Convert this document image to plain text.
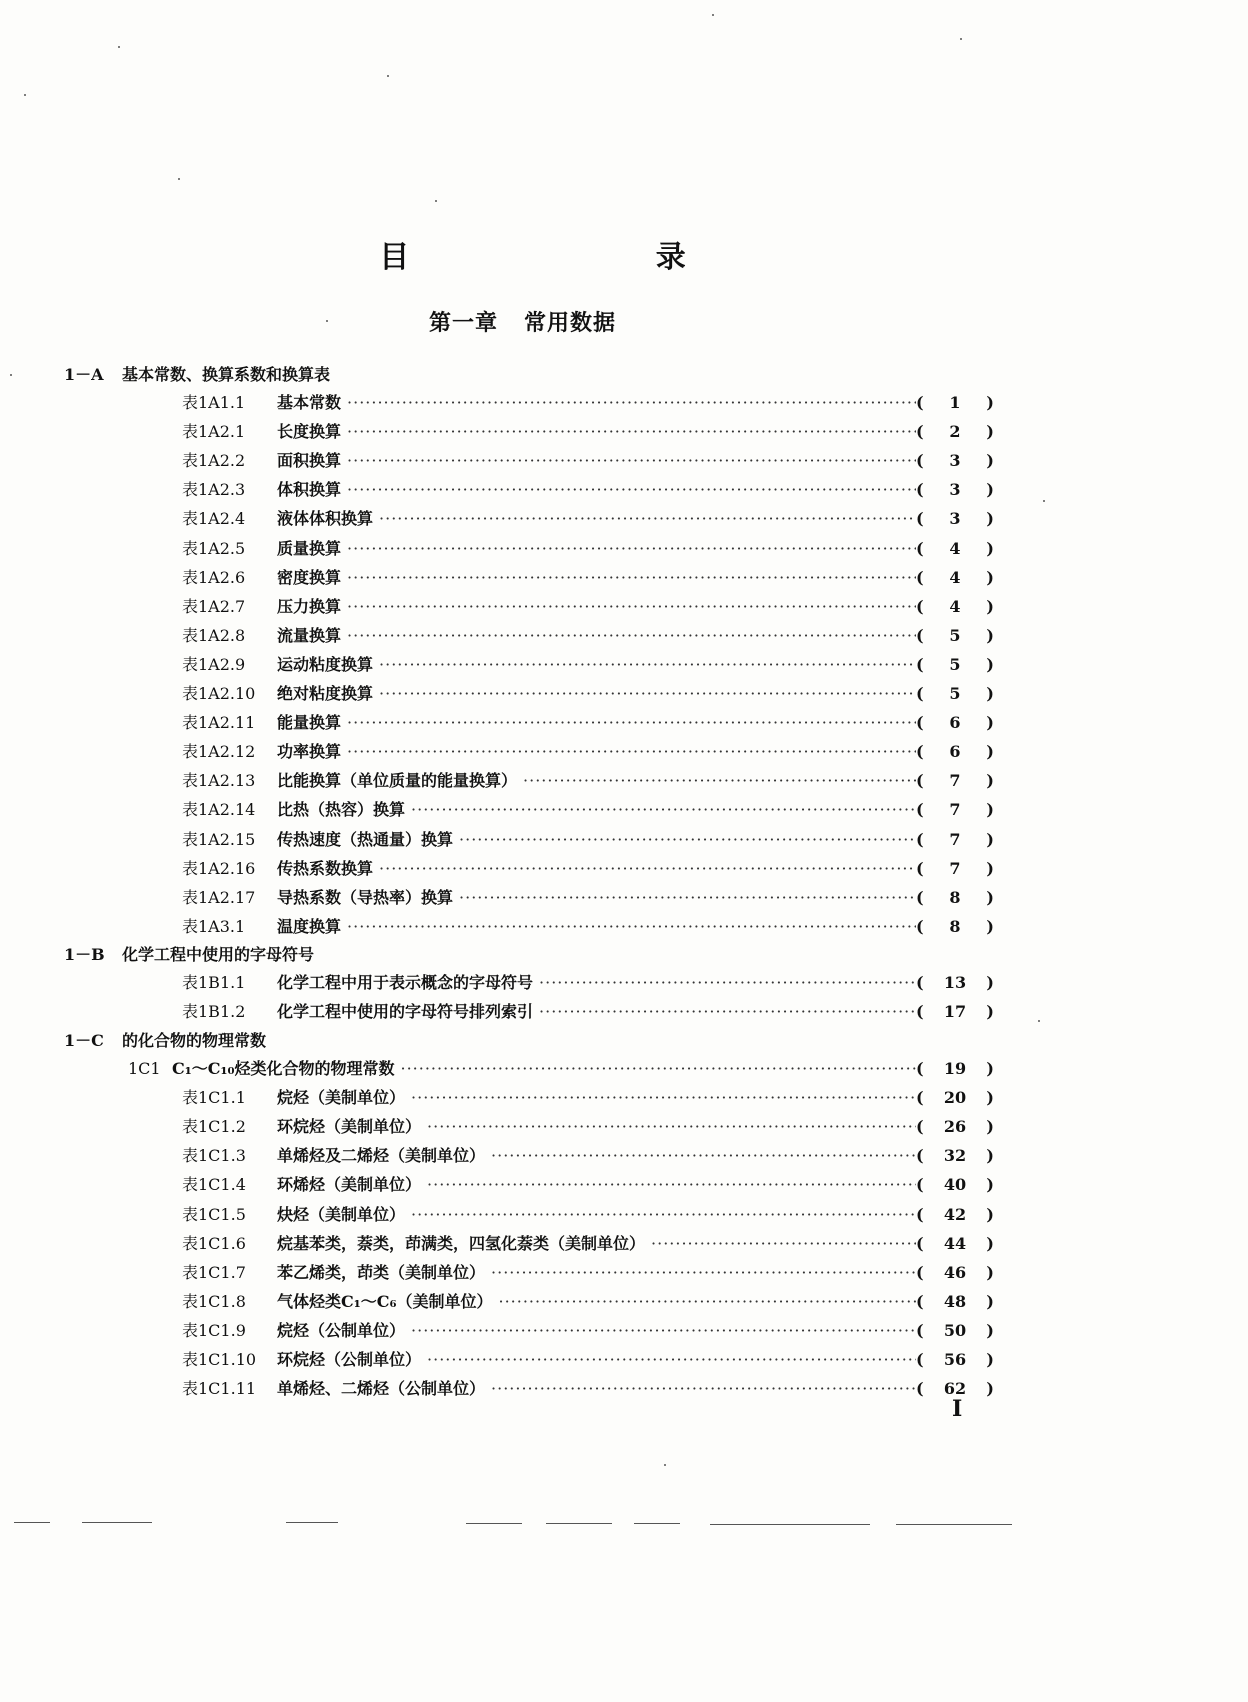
目 录
第一章 常用数据
1－A 基本常数、换算系数和换算表
表1A1.1	基本常数 ·····	(	1	)
表1A2.1	长度换算 ·····	(	2	)
表1A2.2	面积换算 ·····	(	3	)
表1A2.3	体积换算 ·····	(	3	)
表1A2.4	液体体积换算 ·····	(	3	)
表1A2.5	质量换算 ·····	(	4	)
表1A2.6	密度换算 ·····	(	4	)
表1A2.7	压力换算 ·····	(	4	)
表1A2.8	流量换算 ·····	(	5	)
表1A2.9	运动粘度换算 ·····	(	5	)
表1A2.10	绝对粘度换算 ·····	(	5	)
表1A2.11	能量换算 ·····	(	6	)
表1A2.12	功率换算 ·····	(	6	)
表1A2.13	比能换算（单位质量的能量换算） ·····	(	7	)
表1A2.14	比热（热容）换算 ·····	(	7	)
表1A2.15	传热速度（热通量）换算 ·····	(	7	)
表1A2.16	传热系数换算 ·····	(	7	)
表1A2.17	导热系数（导热率）换算 ·····	(	8	)
表1A3.1	温度换算 ·····	(	8	)
1－B 化学工程中使用的字母符号
表1B1.1	化学工程中用于表示概念的字母符号 ·····	(	13	)
表1B1.2	化学工程中使用的字母符号排列索引 ·····	(	17	)
1－C 的化合物的物理常数
1C1 C₁～C₁₀烃类化合物的物理常数 ·····	(	19	)
表1C1.1	烷烃（美制单位） ·····	(	20	)
表1C1.2	环烷烃（美制单位） ·····	(	26	)
表1C1.3	单烯烃及二烯烃（美制单位） ·····	(	32	)
表1C1.4	环烯烃（美制单位） ·····	(	40	)
表1C1.5	炔烃（美制单位） ·····	(	42	)
表1C1.6	烷基苯类，萘类，茚满类，四氢化萘类（美制单位） ·····	(	44	)
表1C1.7	苯乙烯类，茚类（美制单位） ·····	(	46	)
表1C1.8	气体烃类C₁～C₆（美制单位） ·····	(	48	)
表1C1.9	烷烃（公制单位） ·····	(	50	)
表1C1.10	环烷烃（公制单位） ·····	(	56	)
表1C1.11	单烯烃、二烯烃（公制单位） ·····	(	62	)
I
